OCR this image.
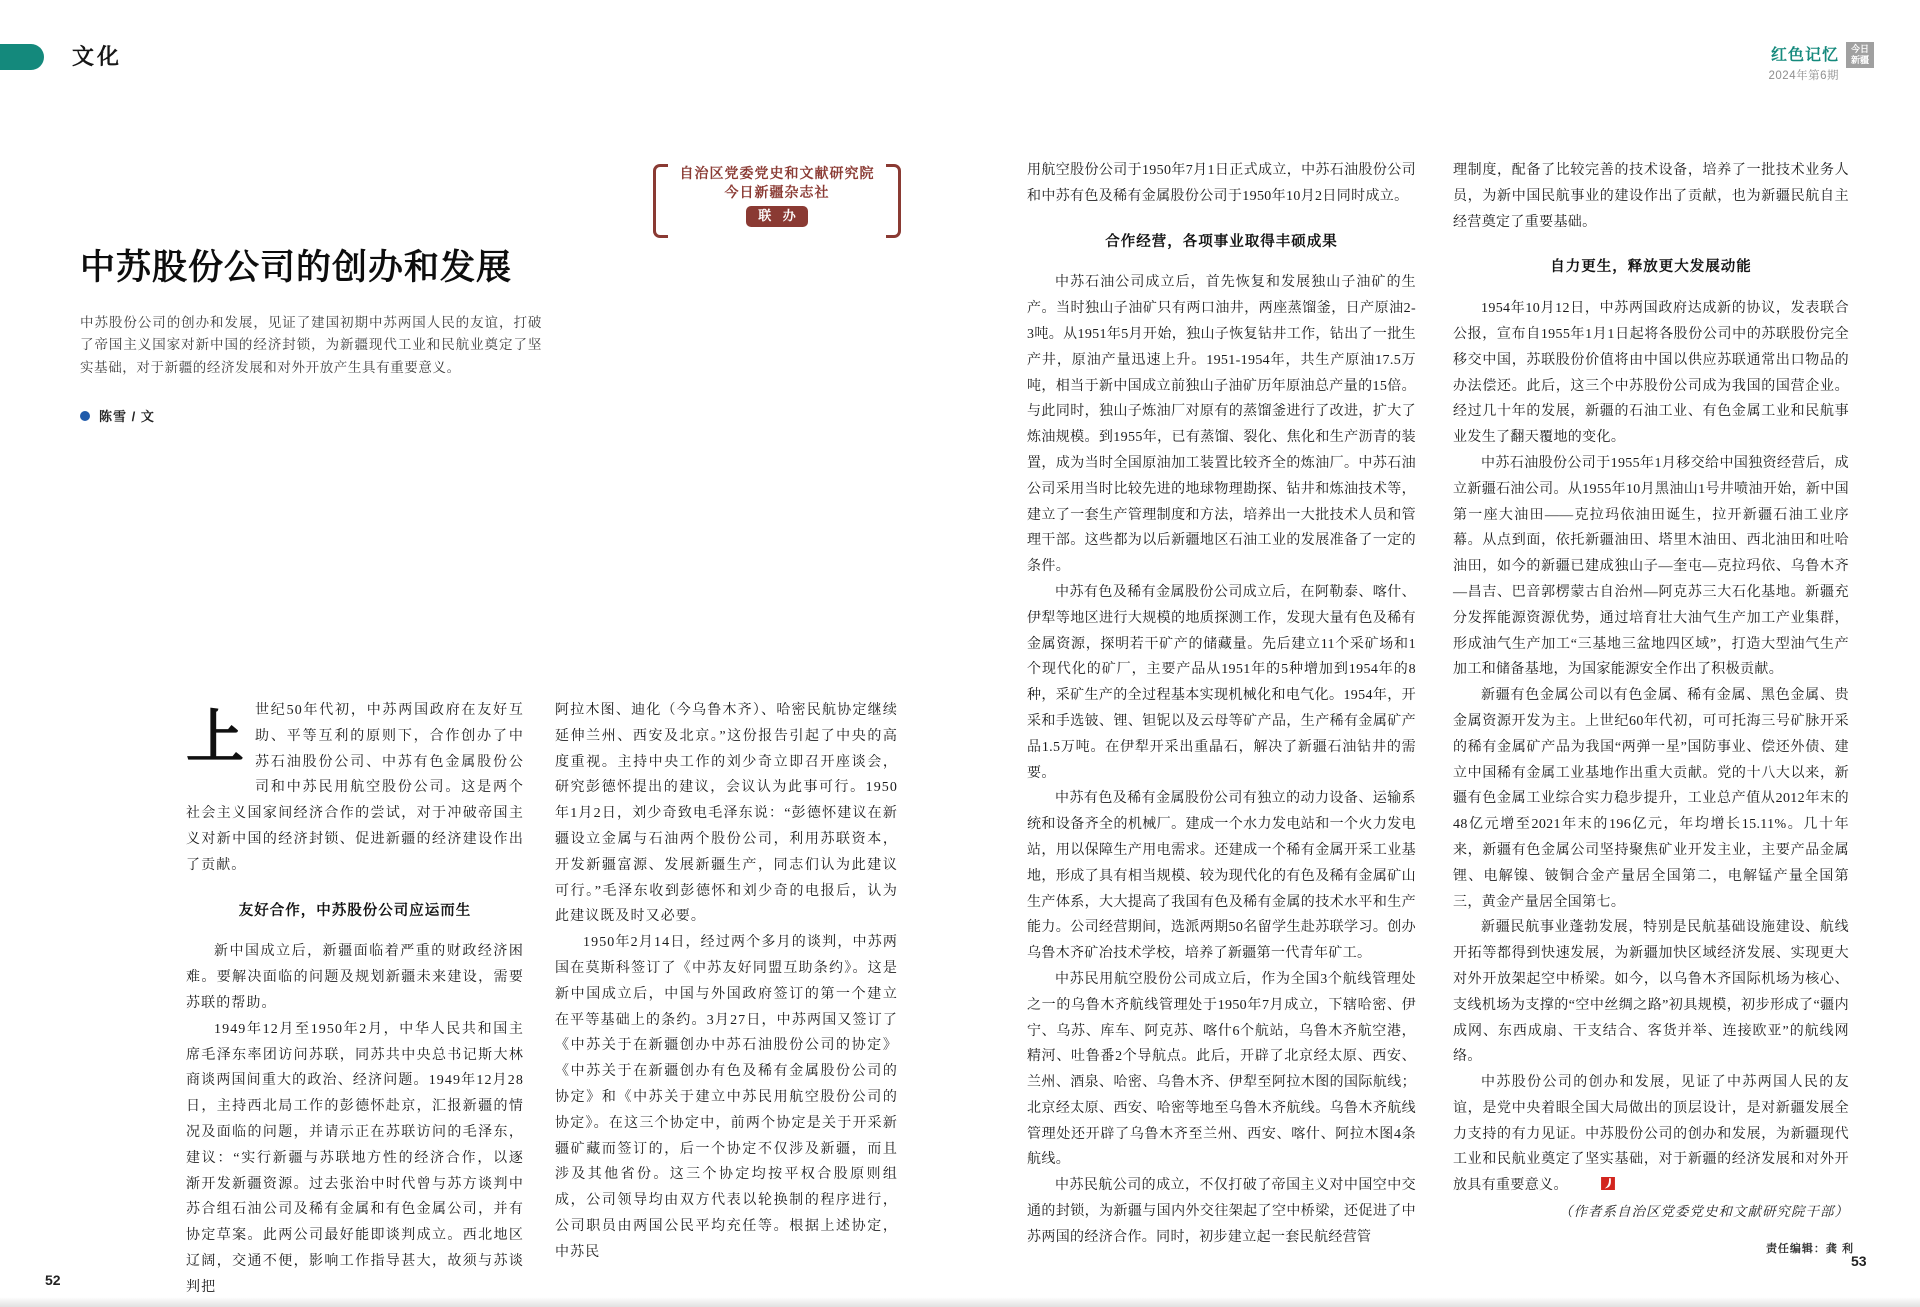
文化	红色记忆
2024年第6期
今日
新疆
自治区党委党史和文献研究院
今日新疆杂志社
联 办
中苏股份公司的创办和发展
中苏股份公司的创办和发展，见证了建国初期中苏两国人民的友谊，打破了帝国主义国家对新中国的经济封锁，为新疆现代工业和民航业奠定了坚实基础，对于新疆的经济发展和对外开放产生具有重要意义。
陈雪 / 文

上 世纪50年代初，中苏两国政府在友好互助、平等互利的原则下，合作创办了中苏石油股份公司、中苏有色金属股份公司和中苏民用航空股份公司。这是两个社会主义国家间经济合作的尝试，对于冲破帝国主义对新中国的经济封锁、促进新疆的经济建设作出了贡献。

友好合作，中苏股份公司应运而生

新中国成立后，新疆面临着严重的财政经济困难。要解决面临的问题及规划新疆未来建设，需要苏联的帮助。

1949年12月至1950年2月，中华人民共和国主席毛泽东率团访问苏联，同苏共中央总书记斯大林商谈两国间重大的政治、经济问题。1949年12月28日，主持西北局工作的彭德怀赴京，汇报新疆的情况及面临的问题，并请示正在苏联访问的毛泽东，建议：“实行新疆与苏联地方性的经济合作，以逐渐开发新疆资源。过去张治中时代曾与苏方谈判中苏合组石油公司及稀有金属和有色金属公司，并有协定草案。此两公司最好能即谈判成立。西北地区辽阔，交通不便，影响工作指导甚大，故须与苏谈判把

阿拉木图、迪化（今乌鲁木齐）、哈密民航协定继续延伸兰州、西安及北京。”这份报告引起了中央的高度重视。主持中央工作的刘少奇立即召开座谈会，研究彭德怀提出的建议，会议认为此事可行。1950年1月2日，刘少奇致电毛泽东说：“彭德怀建议在新疆设立金属与石油两个股份公司，利用苏联资本，开发新疆富源、发展新疆生产，同志们认为此建议可行。”毛泽东收到彭德怀和刘少奇的电报后，认为此建议既及时又必要。

1950年2月14日，经过两个多月的谈判，中苏两国在莫斯科签订了《中苏友好同盟互助条约》。这是新中国成立后，中国与外国政府签订的第一个建立在平等基础上的条约。3月27日，中苏两国又签订了《中苏关于在新疆创办中苏石油股份公司的协定》《中苏关于在新疆创办有色及稀有金属股份公司的协定》和《中苏关于建立中苏民用航空股份公司的协定》。在这三个协定中，前两个协定是关于开采新疆矿藏而签订的，后一个协定不仅涉及新疆，而且涉及其他省份。这三个协定均按平权合股原则组成，公司领导均由双方代表以轮换制的程序进行，公司职员由两国公民平均充任等。根据上述协定，中苏民

用航空股份公司于1950年7月1日正式成立，中苏石油股份公司和中苏有色及稀有金属股份公司于1950年10月2日同时成立。

合作经营，各项事业取得丰硕成果

中苏石油公司成立后，首先恢复和发展独山子油矿的生产。当时独山子油矿只有两口油井，两座蒸馏釜，日产原油2-3吨。从1951年5月开始，独山子恢复钻井工作，钻出了一批生产井，原油产量迅速上升。1951-1954年，共生产原油17.5万吨，相当于新中国成立前独山子油矿历年原油总产量的15倍。与此同时，独山子炼油厂对原有的蒸馏釜进行了改进，扩大了炼油规模。到1955年，已有蒸馏、裂化、焦化和生产沥青的装置，成为当时全国原油加工装置比较齐全的炼油厂。中苏石油公司采用当时比较先进的地球物理勘探、钻井和炼油技术等，建立了一套生产管理制度和方法，培养出一大批技术人员和管理干部。这些都为以后新疆地区石油工业的发展准备了一定的条件。

中苏有色及稀有金属股份公司成立后，在阿勒泰、喀什、伊犁等地区进行大规模的地质探测工作，发现大量有色及稀有金属资源，探明若干矿产的储藏量。先后建立11个采矿场和1个现代化的矿厂，主要产品从1951年的5种增加到1954年的8种，采矿生产的全过程基本实现机械化和电气化。1954年，开采和手选铍、锂、钽铌以及云母等矿产品，生产稀有金属矿产品1.5万吨。在伊犁开采出重晶石，解决了新疆石油钻井的需要。

中苏有色及稀有金属股份公司有独立的动力设备、运输系统和设备齐全的机械厂。建成一个水力发电站和一个火力发电站，用以保障生产用电需求。还建成一个稀有金属开采工业基地，形成了具有相当规模、较为现代化的有色及稀有金属矿山生产体系，大大提高了我国有色及稀有金属的技术水平和生产能力。公司经营期间，选派两期50名留学生赴苏联学习。创办乌鲁木齐矿冶技术学校，培养了新疆第一代青年矿工。

中苏民用航空股份公司成立后，作为全国3个航线管理处之一的乌鲁木齐航线管理处于1950年7月成立，下辖哈密、伊宁、乌苏、库车、阿克苏、喀什6个航站，乌鲁木齐航空港，精河、吐鲁番2个导航点。此后，开辟了北京经太原、西安、兰州、酒泉、哈密、乌鲁木齐、伊犁至阿拉木图的国际航线；北京经太原、西安、哈密等地至乌鲁木齐航线。乌鲁木齐航线管理处还开辟了乌鲁木齐至兰州、西安、喀什、阿拉木图4条航线。

中苏民航公司的成立，不仅打破了帝国主义对中国空中交通的封锁，为新疆与国内外交往架起了空中桥梁，还促进了中苏两国的经济合作。同时，初步建立起一套民航经营管

理制度，配备了比较完善的技术设备，培养了一批技术业务人员，为新中国民航事业的建设作出了贡献，也为新疆民航自主经营奠定了重要基础。

自力更生，释放更大发展动能

1954年10月12日，中苏两国政府达成新的协议，发表联合公报，宣布自1955年1月1日起将各股份公司中的苏联股份完全移交中国，苏联股份价值将由中国以供应苏联通常出口物品的办法偿还。此后，这三个中苏股份公司成为我国的国营企业。经过几十年的发展，新疆的石油工业、有色金属工业和民航事业发生了翻天覆地的变化。

中苏石油股份公司于1955年1月移交给中国独资经营后，成立新疆石油公司。从1955年10月黑油山1号井喷油开始，新中国第一座大油田——克拉玛依油田诞生，拉开新疆石油工业序幕。从点到面，依托新疆油田、塔里木油田、西北油田和吐哈油田，如今的新疆已建成独山子—奎屯—克拉玛依、乌鲁木齐—昌吉、巴音郭楞蒙古自治州—阿克苏三大石化基地。新疆充分发挥能源资源优势，通过培育壮大油气生产加工产业集群，形成油气生产加工“三基地三盆地四区域”，打造大型油气生产加工和储备基地，为国家能源安全作出了积极贡献。

新疆有色金属公司以有色金属、稀有金属、黑色金属、贵金属资源开发为主。上世纪60年代初，可可托海三号矿脉开采的稀有金属矿产品为我国“两弹一星”国防事业、偿还外债、建立中国稀有金属工业基地作出重大贡献。党的十八大以来，新疆有色金属工业综合实力稳步提升，工业总产值从2012年末的48亿元增至2021年末的196亿元，年均增长15.11%。几十年来，新疆有色金属公司坚持聚焦矿业开发主业，主要产品金属锂、电解镍、铍铜合金产量居全国第二，电解锰产量全国第三，黄金产量居全国第七。

新疆民航事业蓬勃发展，特别是民航基础设施建设、航线开拓等都得到快速发展，为新疆加快区域经济发展、实现更大对外开放架起空中桥梁。如今，以乌鲁木齐国际机场为核心、支线机场为支撑的“空中丝绸之路”初具规模，初步形成了“疆内成网、东西成扇、干支结合、客货并举、连接欧亚”的航线网络。

中苏股份公司的创办和发展，见证了中苏两国人民的友谊，是党中央着眼全国大局做出的顶层设计，是对新疆发展全力支持的有力见证。中苏股份公司的创办和发展，为新疆现代工业和民航业奠定了坚实基础，对于新疆的经济发展和对外开放具有重要意义。

（作者系自治区党委党史和文献研究院干部）

责任编辑：龚 利
52
53
